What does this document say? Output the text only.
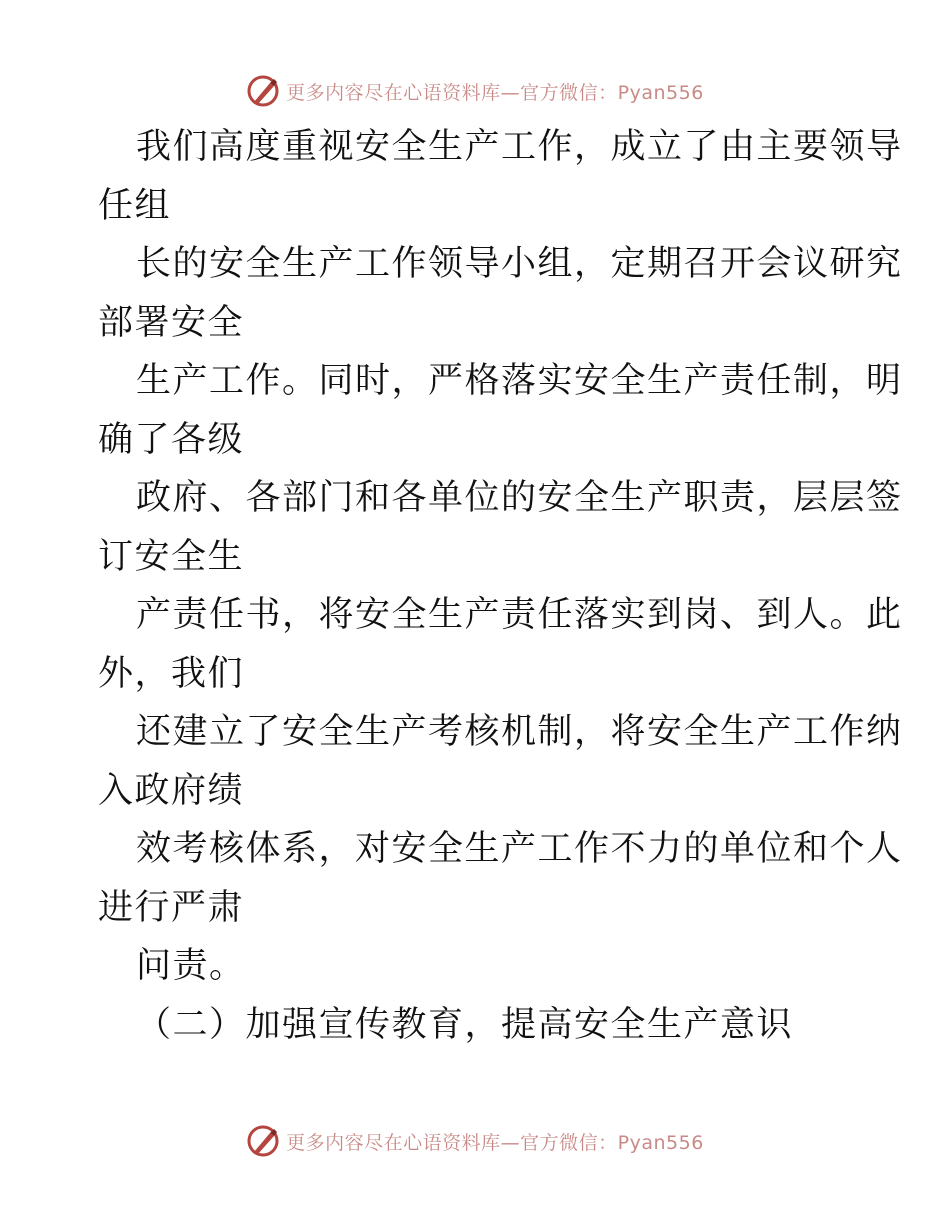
更多内容尽在心语资料库—官方微信：Pyan556
我们高度重视安全生产工作，成立了由主要领导
任组
长的安全生产工作领导小组，定期召开会议研究
部署安全
生产工作。同时，严格落实安全生产责任制，明
确了各级
政府、各部门和各单位的安全生产职责，层层签
订安全生
产责任书，将安全生产责任落实到岗、到人。此
外，我们
还建立了安全生产考核机制，将安全生产工作纳
入政府绩
效考核体系，对安全生产工作不力的单位和个人
进行严肃
问责。
（二）加强宣传教育，提高安全生产意识
更多内容尽在心语资料库—官方微信：Pyan556
